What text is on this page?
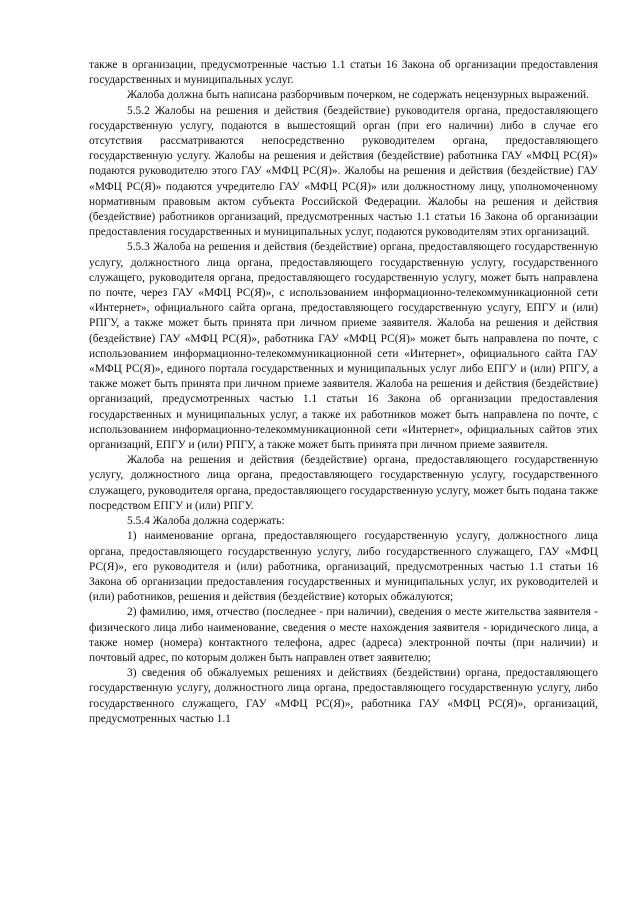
также в организации, предусмотренные частью 1.1 статьи 16 Закона об организации предоставления государственных и муниципальных услуг.

Жалоба должна быть написана разборчивым почерком, не содержать нецензурных выражений.

5.5.2 Жалобы на решения и действия (бездействие) руководителя органа, предоставляющего государственную услугу, подаются в вышестоящий орган (при его наличии) либо в случае его отсутствия рассматриваются непосредственно руководителем органа, предоставляющего государственную услугу. Жалобы на решения и действия (бездействие) работника ГАУ «МФЦ РС(Я)» подаются руководителю этого ГАУ «МФЦ РС(Я)». Жалобы на решения и действия (бездействие) ГАУ «МФЦ РС(Я)» подаются учредителю ГАУ «МФЦ РС(Я)» или должностному лицу, уполномоченному нормативным правовым актом субъекта Российской Федерации. Жалобы на решения и действия (бездействие) работников организаций, предусмотренных частью 1.1 статьи 16 Закона об организации предоставления государственных и муниципальных услуг, подаются руководителям этих организаций.

5.5.3 Жалоба на решения и действия (бездействие) органа, предоставляющего государственную услугу, должностного лица органа, предоставляющего государственную услугу, государственного служащего, руководителя органа, предоставляющего государственную услугу, может быть направлена по почте, через ГАУ «МФЦ РС(Я)», с использованием информационно-телекоммуникационной сети «Интернет», официального сайта органа, предоставляющего государственную услугу, ЕПГУ и (или) РПГУ, а также может быть принята при личном приеме заявителя. Жалоба на решения и действия (бездействие) ГАУ «МФЦ РС(Я)», работника ГАУ «МФЦ РС(Я)» может быть направлена по почте, с использованием информационно-телекоммуникационной сети «Интернет», официального сайта ГАУ «МФЦ РС(Я)», единого портала государственных и муниципальных услуг либо ЕПГУ и (или) РПГУ, а также может быть принята при личном приеме заявителя. Жалоба на решения и действия (бездействие) организаций, предусмотренных частью 1.1 статьи 16 Закона об организации предоставления государственных и муниципальных услуг, а также их работников может быть направлена по почте, с использованием информационно-телекоммуникационной сети «Интернет», официальных сайтов этих организаций, ЕПГУ и (или) РПГУ, а также может быть принята при личном приеме заявителя.

Жалоба на решения и действия (бездействие) органа, предоставляющего государственную услугу, должностного лица органа, предоставляющего государственную услугу, государственного служащего, руководителя органа, предоставляющего государственную услугу, может быть подана также посредством ЕПГУ и (или) РПГУ.

5.5.4 Жалоба должна содержать:

1) наименование органа, предоставляющего государственную услугу, должностного лица органа, предоставляющего государственную услугу, либо государственного служащего, ГАУ «МФЦ РС(Я)», его руководителя и (или) работника, организаций, предусмотренных частью 1.1 статьи 16 Закона об организации предоставления государственных и муниципальных услуг, их руководителей и (или) работников, решения и действия (бездействие) которых обжалуются;

2) фамилию, имя, отчество (последнее - при наличии), сведения о месте жительства заявителя - физического лица либо наименование, сведения о месте нахождения заявителя - юридического лица, а также номер (номера) контактного телефона, адрес (адреса) электронной почты (при наличии) и почтовый адрес, по которым должен быть направлен ответ заявителю;

3) сведения об обжалуемых решениях и действиях (бездействии) органа, предоставляющего государственную услугу, должностного лица органа, предоставляющего государственную услугу, либо государственного служащего, ГАУ «МФЦ РС(Я)», работника ГАУ «МФЦ РС(Я)», организаций, предусмотренных частью 1.1
